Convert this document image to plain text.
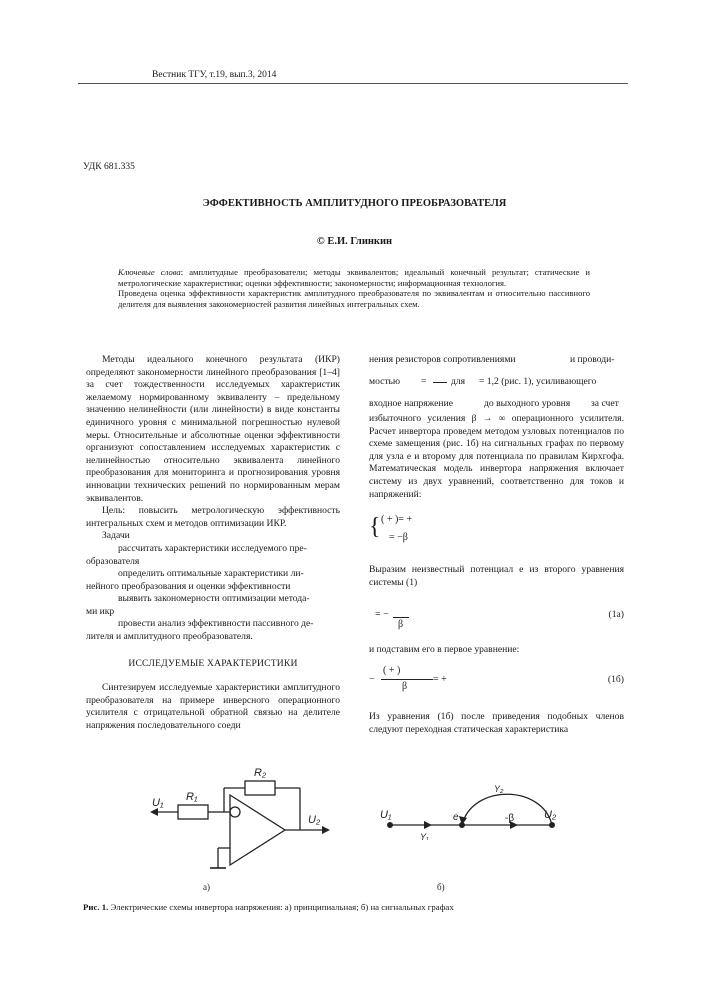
Вестник ТГУ, т.19, вып.3, 2014
УДК 681.335
ЭФФЕКТИВНОСТЬ АМПЛИТУДНОГО ПРЕОБРАЗОВАТЕЛЯ
© Е.И. Глинкин
Ключевые слова: амплитудные преобразователи; методы эквивалентов; идеальный конечный результат; статические и метрологические характеристики; оценки эффективности; закономерности; информационная технология.
Проведена оценка эффективности характеристик амплитудного преобразователя по эквивалентам и относительно пассивного делителя для выявления закономерностей развития линейных интегральных схем.

Методы идеального конечного результата (ИКР) определяют закономерности линейного преобразования [1–4] за счет тождественности исследуемых характеристик желаемому нормированному эквиваленту – предельному значению нелинейности (или линейности) в виде константы единичного уровня с минимальной погрешностью нулевой меры. Относительные и абсолютные оценки эффективности организуют сопоставлением исследуемых характеристик с нелинейностью относительно эквивалента линейного преобразования для мониторинга и прогнозирования уровня инновации технических решений по нормированным мерам эквивалентов.

Цель: повысить метрологическую эффективность интегральных схем и методов оптимизации ИКР.

Задачи

рассчитать характеристики исследуемого пре-

образователя

определить оптимальные характеристики ли-

нейного преобразования и оценки эффективности

выявить закономерности оптимизации метода-

ми икр

провести анализ эффективности пассивного де-

лителя и амплитудного преобразователя.

ИССЛЕДУЕМЫЕ ХАРАКТЕРИСТИКИ

Синтезируем исследуемые характеристики амплитудного преобразователя на примере инверсного операционного усилителя с отрицательной обратной связью на делителе напряжения последовательного соеди

нения резисторов сопротивлениями	и проводи-
мостью =	для = 1,2 (рис. 1), усиливающего
входное напряжение	до выходного уровня за счет

избыточного усиления β → ∞ операционного усилителя. Расчет инвертора проведем методом узловых потенциалов по схеме замещения (рис. 1б) на сигнальных графах по первому для узла e и второму для потенциала по правилам Кирхгофа. Математическая модель инвертора напряжения включает систему из двух уравнений, соответственно для токов и напряжений:

{ ( + )= +
= −β

Выразим неизвестный потенциал e из второго уравнения системы (1)

= −
β
(1а)

и подставим его в первое уравнение:

−
( + )
β
= +	(1б)

Из уравнения (1б) после приведения подобных членов следуют переходная статическая характеристика

U₁ R₁
R₂
U₂
а)
U₁
Y₁
e
Y₂
-β	U₂
б)
Рис. 1. Электрические схемы инвертора напряжения: а) принципиальная; б) на сигнальных графах
